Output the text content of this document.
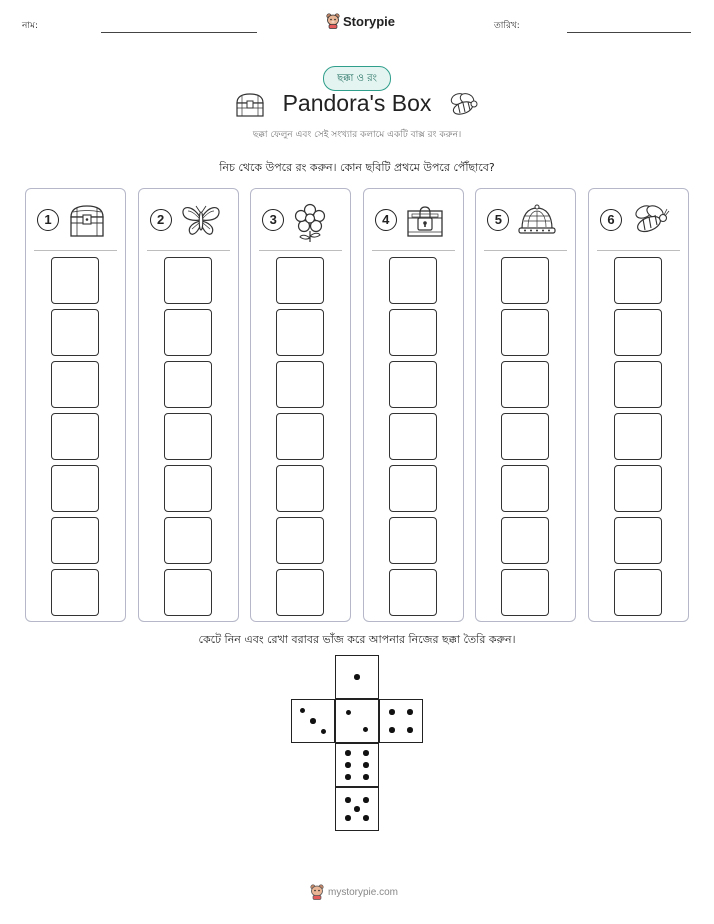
নাম:	Storypie	তারিখ:
ছক্কা ও রং
Pandora's Box
ছক্কা ফেলুন এবং সেই সংখ্যার কলামে একটি বাক্স রং করুন।
নিচ থেকে উপরে রং করুন। কোন ছবিটি প্রথমে উপরে পৌঁছাবে?
1	2	3	4	5	6
কেটে নিন এবং রেখা বরাবর ভাঁজ করে আপনার নিজের ছক্কা তৈরি করুন।
mystorypie.com
